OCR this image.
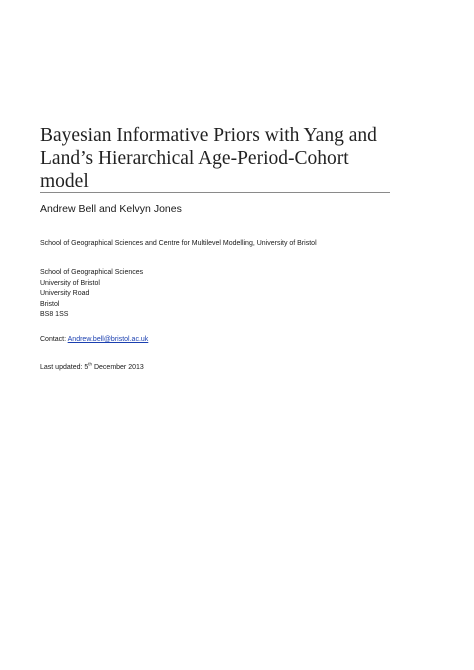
Bayesian Informative Priors with Yang and
Land’s Hierarchical Age-Period-Cohort
model
Andrew Bell and Kelvyn Jones
School of Geographical Sciences and Centre for Multilevel Modelling, University of Bristol
School of Geographical Sciences
University of Bristol
University Road
Bristol
BS8 1SS
Contact: Andrew.bell@bristol.ac.uk
Last updated: 5th December 2013
